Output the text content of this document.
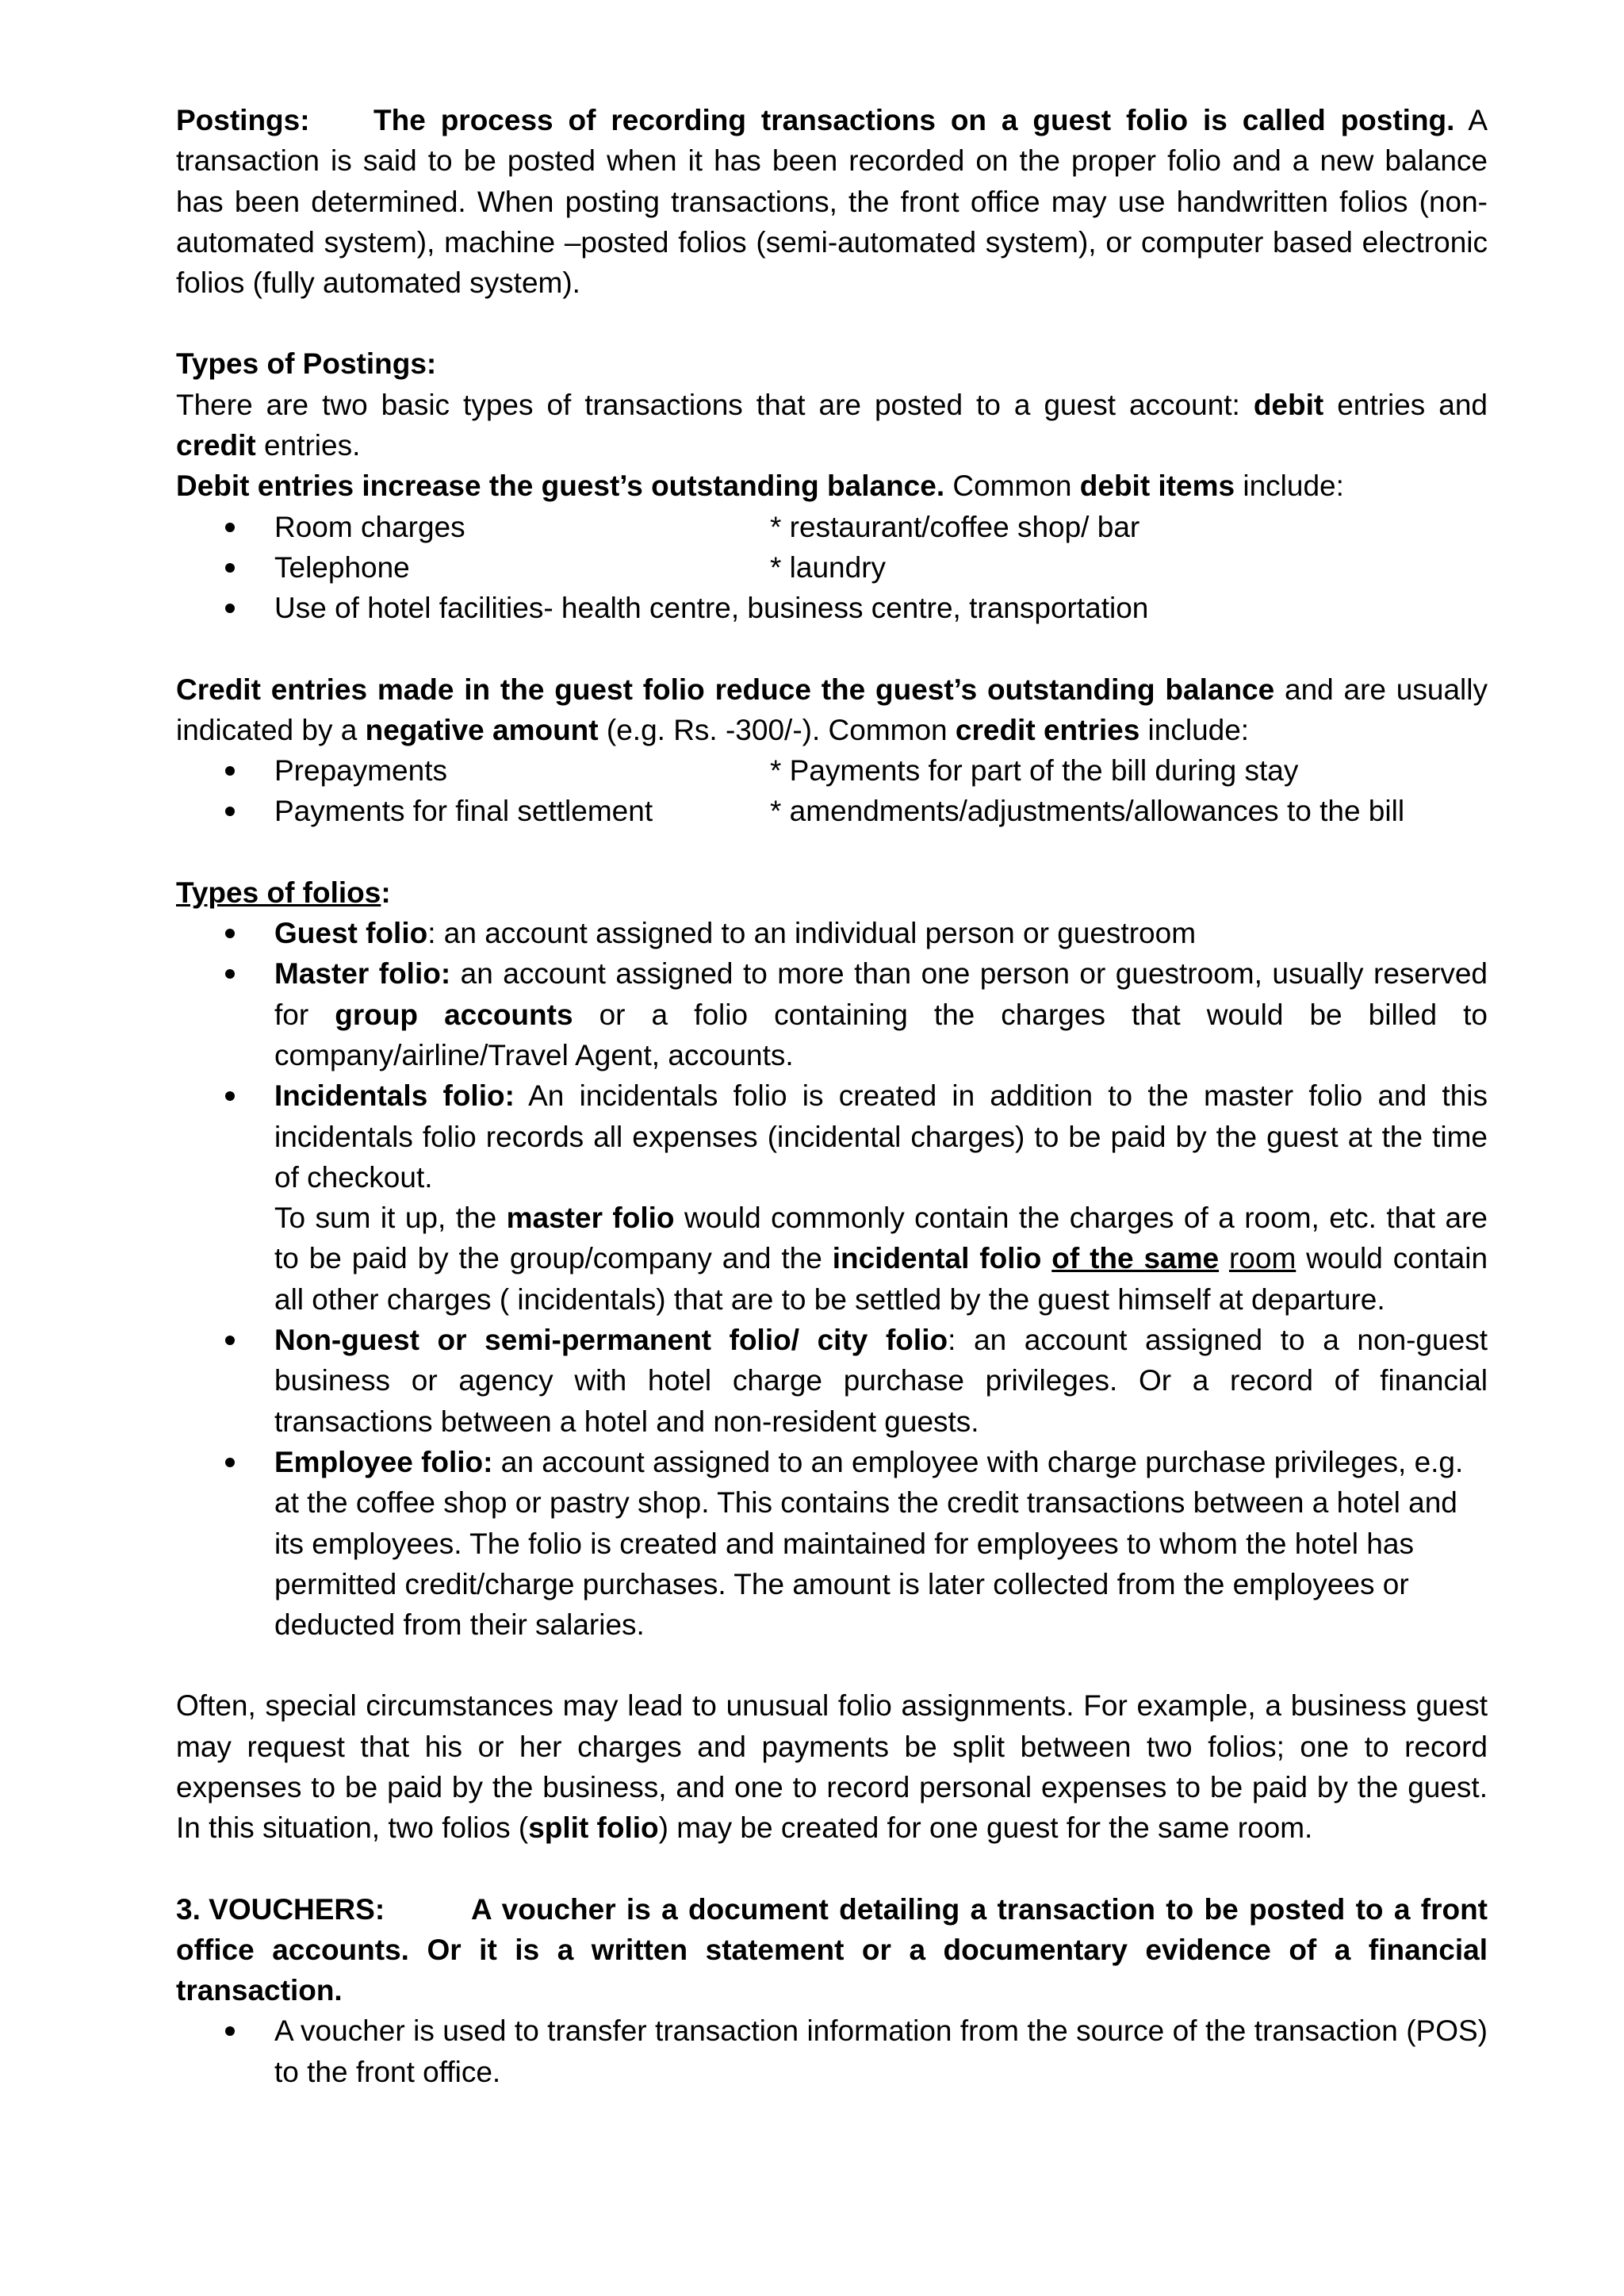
Postings: The process of recording transactions on a guest folio is called posting. A transaction is said to be posted when it has been recorded on the proper folio and a new balance has been determined. When posting transactions, the front office may use handwritten folios (non-automated system), machine –posted folios (semi-automated system), or computer based electronic folios (fully automated system).

Types of Postings:

There are two basic types of transactions that are posted to a guest account: debit entries and credit entries.

Debit entries increase the guest’s outstanding balance. Common debit items include:

Room charges	* restaurant/coffee shop/ bar
Telephone	* laundry
Use of hotel facilities- health centre, business centre, transportation

Credit entries made in the guest folio reduce the guest’s outstanding balance and are usually indicated by a negative amount (e.g. Rs. -300/-). Common credit entries include:

Prepayments	* Payments for part of the bill during stay
Payments for final settlement	* amendments/adjustments/allowances to the bill

Types of folios:

Guest folio: an account assigned to an individual person or guestroom
Master folio: an account assigned to more than one person or guestroom, usually reserved for group accounts or a folio containing the charges that would be billed to company/airline/Travel Agent, accounts.
Incidentals folio: An incidentals folio is created in addition to the master folio and this incidentals folio records all expenses (incidental charges) to be paid by the guest at the time of checkout.
To sum it up, the master folio would commonly contain the charges of a room, etc. that are to be paid by the group/company and the incidental folio of the same room would contain all other charges ( incidentals) that are to be settled by the guest himself at departure.
Non-guest or semi-permanent folio/ city folio: an account assigned to a non-guest business or agency with hotel charge purchase privileges. Or a record of financial transactions between a hotel and non-resident guests.
Employee folio: an account assigned to an employee with charge purchase privileges, e.g. at the coffee shop or pastry shop. This contains the credit transactions between a hotel and its employees. The folio is created and maintained for employees to whom the hotel has permitted credit/charge purchases. The amount is later collected from the employees or deducted from their salaries.

Often, special circumstances may lead to unusual folio assignments. For example, a business guest may request that his or her charges and payments be split between two folios; one to record expenses to be paid by the business, and one to record personal expenses to be paid by the guest. In this situation, two folios (split folio) may be created for one guest for the same room.

3. VOUCHERS:	A voucher is a document detailing a transaction to be posted to a front office accounts. Or it is a written statement or a documentary evidence of a financial transaction.

A voucher is used to transfer transaction information from the source of the transaction (POS) to the front office.
